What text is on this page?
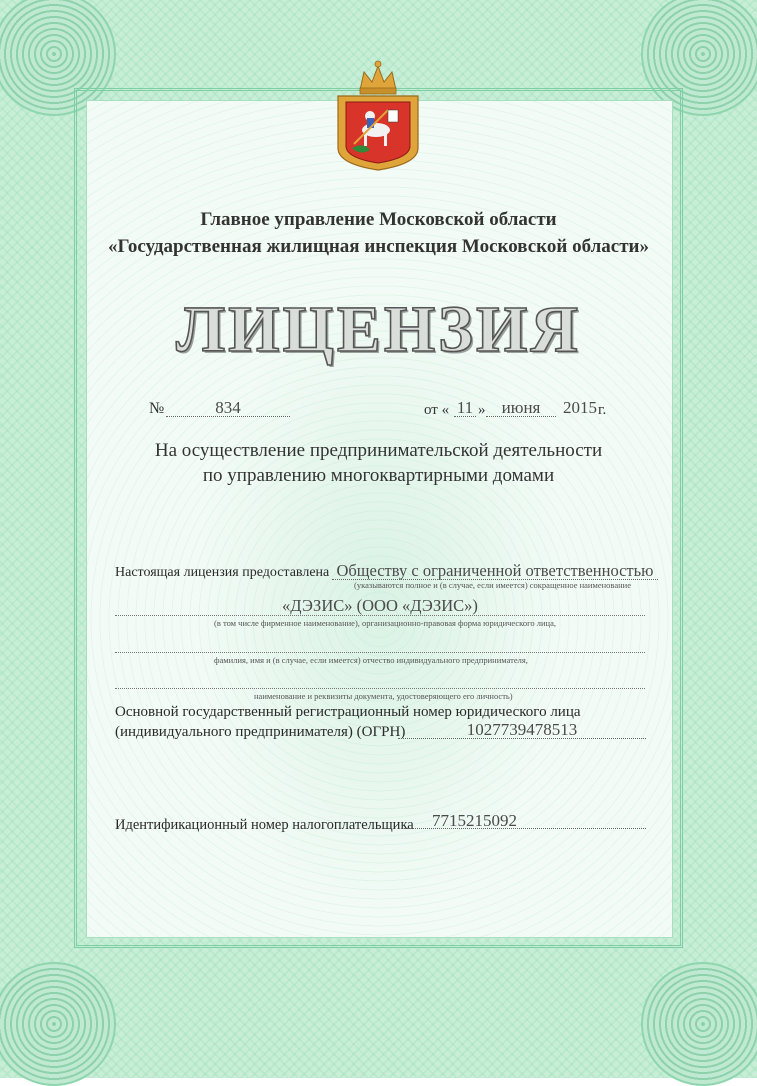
Главное управление Московской области
«Государственная жилищная инспекция Московской области»
ЛИЦЕНЗИЯ
№	834	от « 11 » июня	2015 г.
На осуществление предпринимательской деятельности
по управлению многоквартирными домами
Настоящая лицензия предоставлена Обществу с ограниченной ответственностью
(указываются полное и (в случае, если имеется) сокращенное наименование
«ДЭЗИС» (ООО «ДЭЗИС»)
(в том числе фирменное наименование), организационно-правовая форма юридического лица,
фамилия, имя и (в случае, если имеется) отчество индивидуального предпринимателя,
наименование и реквизиты документа, удостоверяющего его личность)
Основной государственный регистрационный номер юридического лица
(индивидуального предпринимателя) (ОГРН)	1027739478513
Идентификационный номер налогоплательщика	7715215092
